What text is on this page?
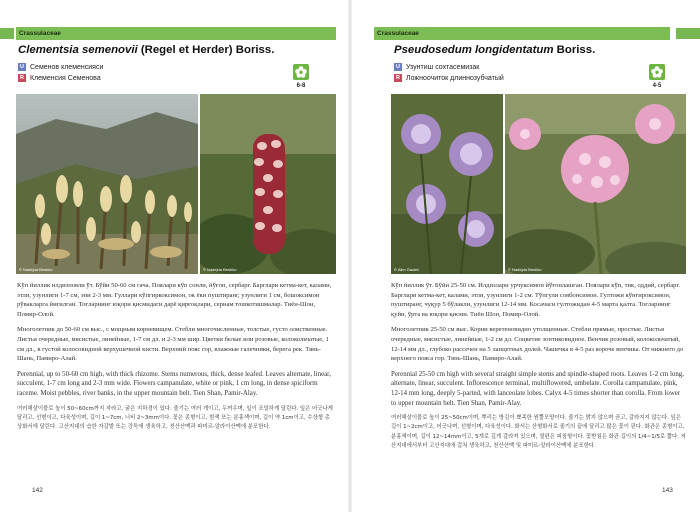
Crassulaceae
Clementsia semenovii (Regel et Herder) Boriss.
U Семенов клеменсияси
R Клеменсия Семенова
6-8
© Nadejda Beshko	© Nadejda Beshko

Кўп йиллик илдизпояли ўт. Бўйи 50-60 см гача. Поялари кўп сонли, йўғон, сербарг. Барглари кетма-кет, калами, этли, узунлиги 1-7 см, эни 2-3 мм. Гуллари кўпгиркоксимон, ок ёки пуштиранг, узунлиги 1 см, бошоксимон рўвакларга йиғилган. Тоғларнинг юқори қисмидаги дарё қирғоқлари, сернам тошкотишмалар. Тиён-Шон, Помир-Олой.

Многолетник до 50-60 см выс., с мощным корневищем. Стебли многочисленные, толстые, густо олиственные. Листья очередные, мясистые, линейные, 1-7 см дл. и 2-3 мм шир. Цветки белые или розовые, колокольчатые, 1 см дл., в густой колосовидной верхушечной кисти. Верхний пояс гор, влажные галечники, берега рек. Тянь-Шань, Памиро-Алай.

Perennial, up to 50-60 cm high, with thick rhizome. Stems numerous, thick, dense leafed. Leaves alternate, linear, succulent, 1-7 cm long and 2-3 mm wide. Flowers campanulate, white or pink, 1 cm long, in dense spiciform raceme. Moist pebbles, river banks, in the upper mountain belt. Tien Shan, Pamir-Alay.

여러해살이풀로 높이 50~60cm까지 자라고, 굵은 지하경이 있다. 줄기는 여러 개이고, 두꺼우며, 잎이 조밀하게 달린다. 잎은 어긋나게 달리고, 선형이고, 다육성이며, 길이 1~7cm, 너비 2~3mm이다. 꽃은 종형이고, 흰색 또는 분홍색이며, 길이 약 1cm이고, 수상형 총상화서에 달린다. 고산지대의 습한 자갈밭 또는 강둑에 생육하고, 천산산맥과 파미르-알라이산맥에 분포한다.

142
Crassulaceae
Pseudosedum longidentatum Boriss.
U Узунтиш сохтасемизак
R Ложноочиток длиннозубчатый
4-5
© Alim Gaziev	© Nadejda Beshko

Кўп йиллик ўт. Бўйи 25-50 см. Илдизлари урчуксимон йўғонлашган. Поялари кўп, тик, оддий, сербарг. Барглари кетма-кет, калами, этли, узунлиги 1-2 см. Тўпгули соябонсимон. Гултожи кўнғироксимон, пуштиранг, чуқур 5 бўлакли, узунлиги 12-14 мм. Косачаси гултожидан 4-5 марта қалта. Тоғларнинг қуйи, ўрта ва юқори қисми. Тиён Шон, Помир-Олой.

Многолетник 25-50 см выс. Корни веретеновидно утолщенные. Стебли прямые, простые. Листья очередные, мясистые, линейные, 1-2 см дл. Соцветие зонтиковидное. Венчик розовый, колокольчатый, 12-14 мм дл., глубоко рассечен на 5 ланцетных долей. Чашечка в 4-5 раз короче венчика. От нижнего до верхнего пояса гор. Тянь-Шань, Памиро-Алай.

Perennial 25-50 cm high with several straight simple stems and spindle-shaped roots. Leaves 1-2 cm long, alternate, linear, succulent. Inflorescence terminal, multiflowered, umbelate. Corolla campanulate, pink, 12-14 mm long, deeply 5-parted, with lanceolate lobes. Calyx 4-5 times shorter than corolla. From lower to upper mountain belt. Tien Shan, Pamir-Alay.

여러해살이풀로 높이 25~50cm이며, 뿌리는 방김이 뾰족한 원뿔모양이다. 줄기는 밝지 않으며 곧고, 갈라지지 않는다. 잎은 길이 1~2cm이고, 어긋나며, 선형이며, 다육성이다. 화서는 산형화서로 줄기의 끝에 달리고 많은 꽃이 핀다. 화관은 종형이고, 분홍색이며, 길이 12~14mm이고, 5개로 깊게 갈라져 있으며, 열편은 피침형이다. 꽃받침은 화관 길이의 1/4~1/5로 짧다. 저산지대에서부터 고산지대에 걸쳐 생육하고, 천산산맥 및 파미르-알라이산맥에 분포한다.

143
